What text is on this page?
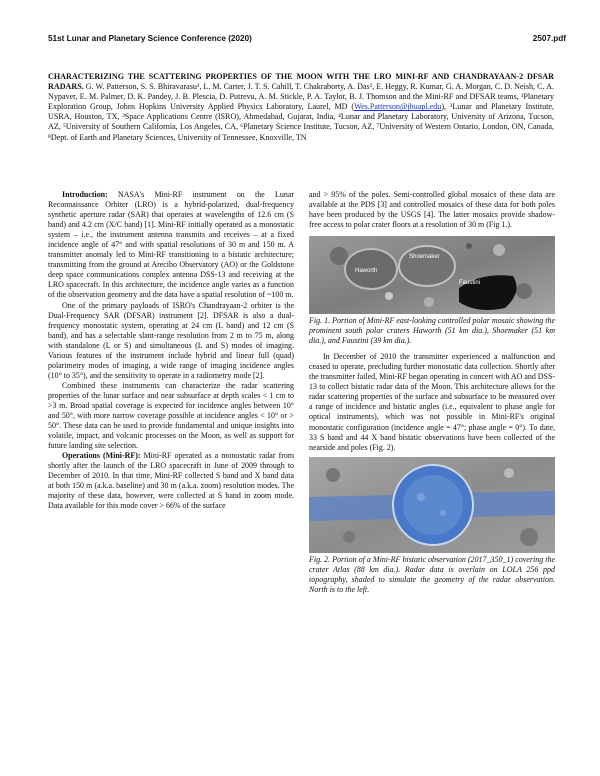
51st Lunar and Planetary Science Conference (2020)	2507.pdf
CHARACTERIZING THE SCATTERING PROPERTIES OF THE MOON WITH THE LRO MINI-RF AND CHANDRAYAAN-2 DFSAR RADARS. G. W. Patterson, S. S. Bhiravarasu², L. M. Carter, J. T. S. Cahill, T. Chakraborty, A. Das², E. Heggy, R. Kumar, G. A. Morgan, C. D. Neish, C. A. Nypaver, E. M. Palmer, D. K. Pandey, J. B. Plescia, D. Putrevu, A. M. Stickle, P. A. Taylor, B. J. Thomson and the Mini-RF and DFSAR teams, ¹Planetary Exploration Group, Johns Hopkins University Applied Physics Laboratory, Laurel, MD (Wes.Patterson@jhuapl.edu), ²Lunar and Planetary Institute, USRA, Houston, TX, ³Space Applications Centre (ISRO), Ahmedabad, Gujarat, India, ⁴Lunar and Planetary Laboratory, University of Arizona, Tucson, AZ, ⁵University of Southern California, Los Angeles, CA, ⁶Planetary Science Institute, Tucson, AZ, ⁷University of Western Ontario, London, ON, Canada, ⁸Dept. of Earth and Planetary Sciences, University of Tennessee, Knoxville, TN

Introduction: NASA's Mini-RF instrument on the Lunar Reconnaissance Orbiter (LRO) is a hybrid-polarized, dual-frequency synthetic aperture radar (SAR) that operates at wavelengths of 12.6 cm (S band) and 4.2 cm (X/C band) [1]. Mini-RF initially operated as a monostatic system – i.e., the instrument antenna transmits and receives – at a fixed incidence angle of 47° and with spatial resolutions of 30 m and 150 m. A transmitter anomaly led to Mini-RF transitioning to a bistatic architecture; transmitting from the ground at Arecibo Observatory (AO) or the Goldstone deep space communications complex antenna DSS-13 and receiving at the LRO spacecraft. In this architecture, the incidence angle varies as a function of the observation geometry and the data have a spatial resolution of ~100 m.

One of the primary payloads of ISRO's Chandrayaan-2 orbiter is the Dual-Frequency SAR (DFSAR) instrument [2]. DFSAR is also a dual-frequency monostatic system, operating at 24 cm (L band) and 12 cm (S band), and has a selectable slant-range resolution from 2 m to 75 m, along with standalone (L or S) and simultaneous (L and S) modes of imaging. Various features of the instrument include hybrid and linear full (quad) polarimetry modes of imaging, a wide range of imaging incidence angles (10° to 35°), and the sensitivity to operate in a radiometry mode [2].

Combined these instruments can characterize the radar scattering properties of the lunar surface and near subsurface at depth scales < 1 cm to >3 m. Broad spatial coverage is expected for incidence angles between 10° and 50°, with more narrow coverage possible at incidence angles < 10° or > 50°. These data can be used to provide fundamental and unique insights into volatile, impact, and volcanic processes on the Moon, as well as support for future landing site selection.

Operations (Mini-RF): Mini-RF operated as a monostatic radar from shortly after the launch of the LRO spacecraft in June of 2009 through to December of 2010. In that time, Mini-RF collected S band and X band data at both 150 m (a.k.a. baseline) and 30 m (a.k.a. zoom) resolution modes. The majority of these data, however, were collected at S band in zoom mode. Data available for this mode cover > 66% of the surface

and > 95% of the poles. Semi-controlled global mosaics of these data are available at the PDS [3] and controlled mosaics of these data for both poles have been produced by the USGS [4]. The latter mosaics provide shadow-free access to polar crater floors at a resolution of 30 m (Fig 1.).

Haworth
Shoemaker
Faustini
Fig. 1. Portion of Mini-RF east-looking controlled polar mosaic showing the prominent south polar craters Haworth (51 km dia.), Shoemaker (51 km dia.), and Faustini (39 km dia.).

In December of 2010 the transmitter experienced a malfunction and ceased to operate, precluding further monostatic data collection. Shortly after the transmitter failed, Mini-RF began operating in concert with AO and DSS-13 to collect bistatic radar data of the Moon. This architecture allows for the radar scattering properties of the surface and subsurface to be measured over a range of incidence and bistatic angles (i.e., equivalent to phase angle for optical instruments), which was not possible in Mini-RF's original monostatic configuration (incidence angle = 47°; phase angle = 0°). To date, 33 S band and 44 X band bistatic observations have been collected of the nearside and poles (Fig. 2).

Fig. 2. Portion of a Mini-RF bistatic observation (2017_350_1) covering the crater Atlas (88 km dia.). Radar data is overlain on LOLA 256 ppd topography, shaded to simulate the geometry of the radar observation. North is to the left.
